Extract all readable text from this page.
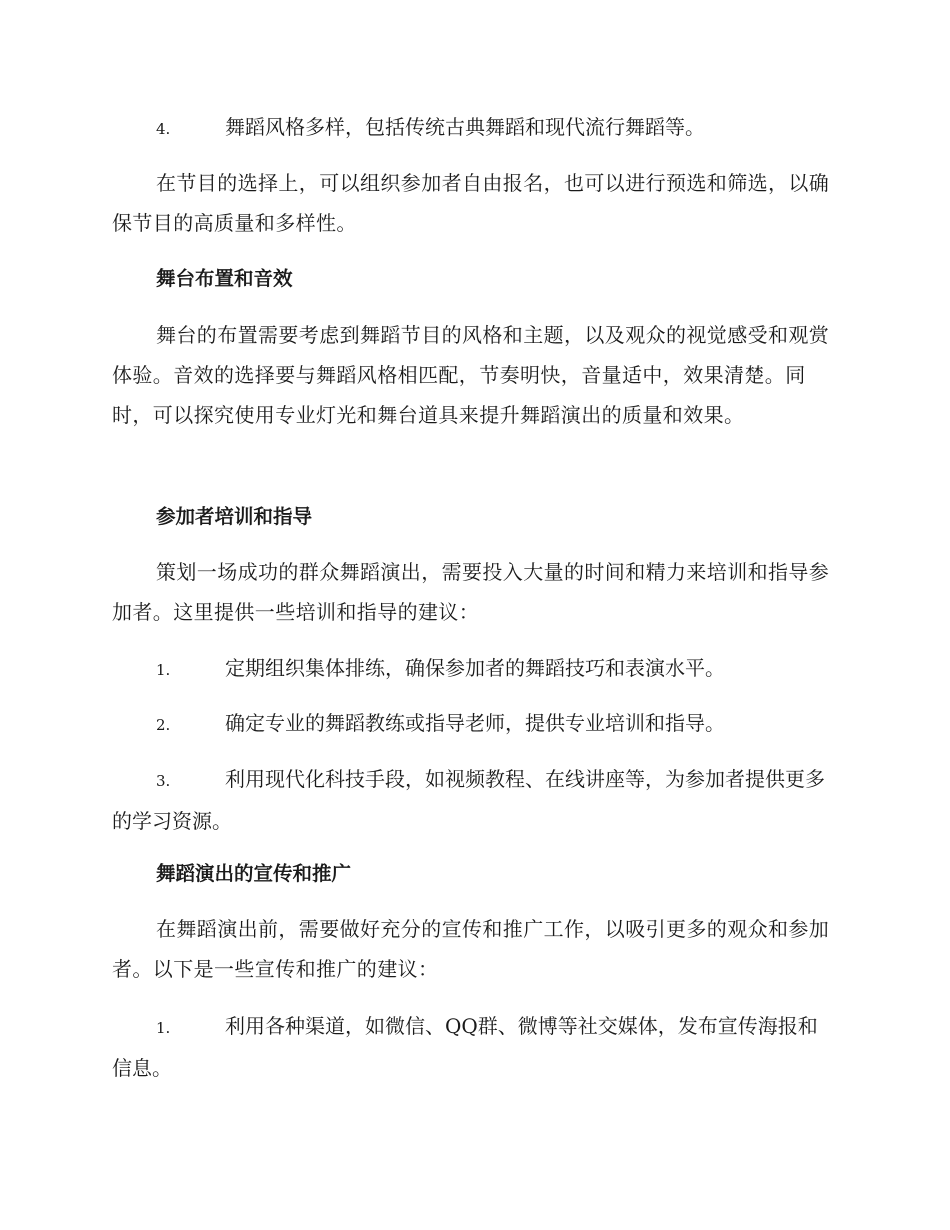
4.	舞蹈风格多样，包括传统古典舞蹈和现代流行舞蹈等。

在节目的选择上，可以组织参加者自由报名，也可以进行预选和筛选，以确保节目的高质量和多样性。

舞台布置和音效

舞台的布置需要考虑到舞蹈节目的风格和主题，以及观众的视觉感受和观赏体验。音效的选择要与舞蹈风格相匹配，节奏明快，音量适中，效果清楚。同时，可以探究使用专业灯光和舞台道具来提升舞蹈演出的质量和效果。

参加者培训和指导

策划一场成功的群众舞蹈演出，需要投入大量的时间和精力来培训和指导参加者。这里提供一些培训和指导的建议：

1.	定期组织集体排练，确保参加者的舞蹈技巧和表演水平。

2.	确定专业的舞蹈教练或指导老师，提供专业培训和指导。

3.	利用现代化科技手段，如视频教程、在线讲座等，为参加者提供更多的学习资源。

舞蹈演出的宣传和推广

在舞蹈演出前，需要做好充分的宣传和推广工作，以吸引更多的观众和参加者。以下是一些宣传和推广的建议：

1.	利用各种渠道，如微信、QQ群、微博等社交媒体，发布宣传海报和信息。
